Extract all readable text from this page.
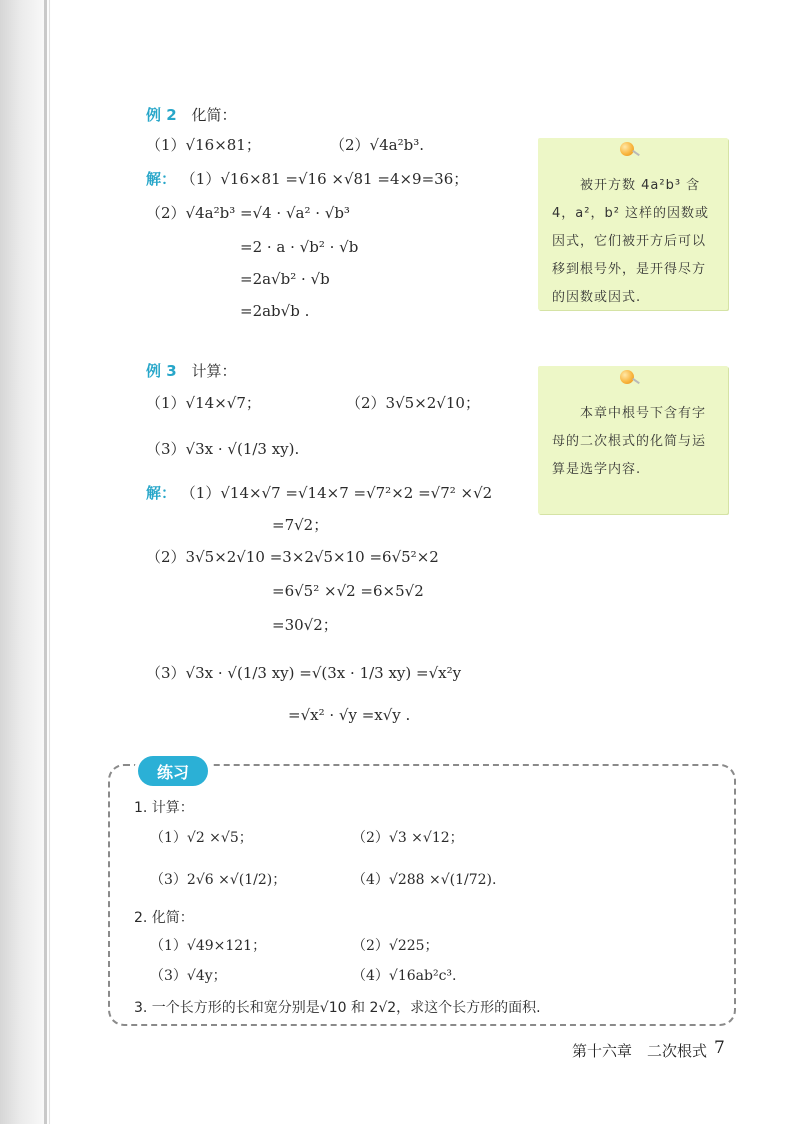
例 2 化简：
（1）√16×81；	（2）√4a²b³.
解： （1）√16×81 =√16 ×√81 =4×9=36；
（2）√4a²b³ =√4 · √a² · √b³
=2 · a · √b² · √b
=2a√b² · √b
=2ab√b .
被开方数 4a²b³ 含 4，a²，b² 这样的因数或因式，它们被开方后可以移到根号外，是开得尽方的因数或因式.
例 3 计算：
（1）√14×√7；	（2）3√5×2√10；
（3）√3x · √(1/3 xy).
解： （1）√14×√7 =√14×7 =√7²×2 =√7² ×√2
=7√2；
（2）3√5×2√10 =3×2√5×10 =6√5²×2
=6√5² ×√2 =6×5√2
=30√2；
（3）√3x · √(1/3 xy) =√(3x · 1/3 xy) =√x²y
=√x² · √y =x√y .
本章中根号下含有字母的二次根式的化简与运算是选学内容.
练习
1. 计算：
（1）√2 ×√5；	（2）√3 ×√12；
（3）2√6 ×√(1/2)；	（4）√288 ×√(1/72).
2. 化简：
（1）√49×121；	（2）√225；
（3）√4y；	（4）√16ab²c³.
3. 一个长方形的长和宽分别是√10 和 2√2，求这个长方形的面积.
第十六章　二次根式 7
